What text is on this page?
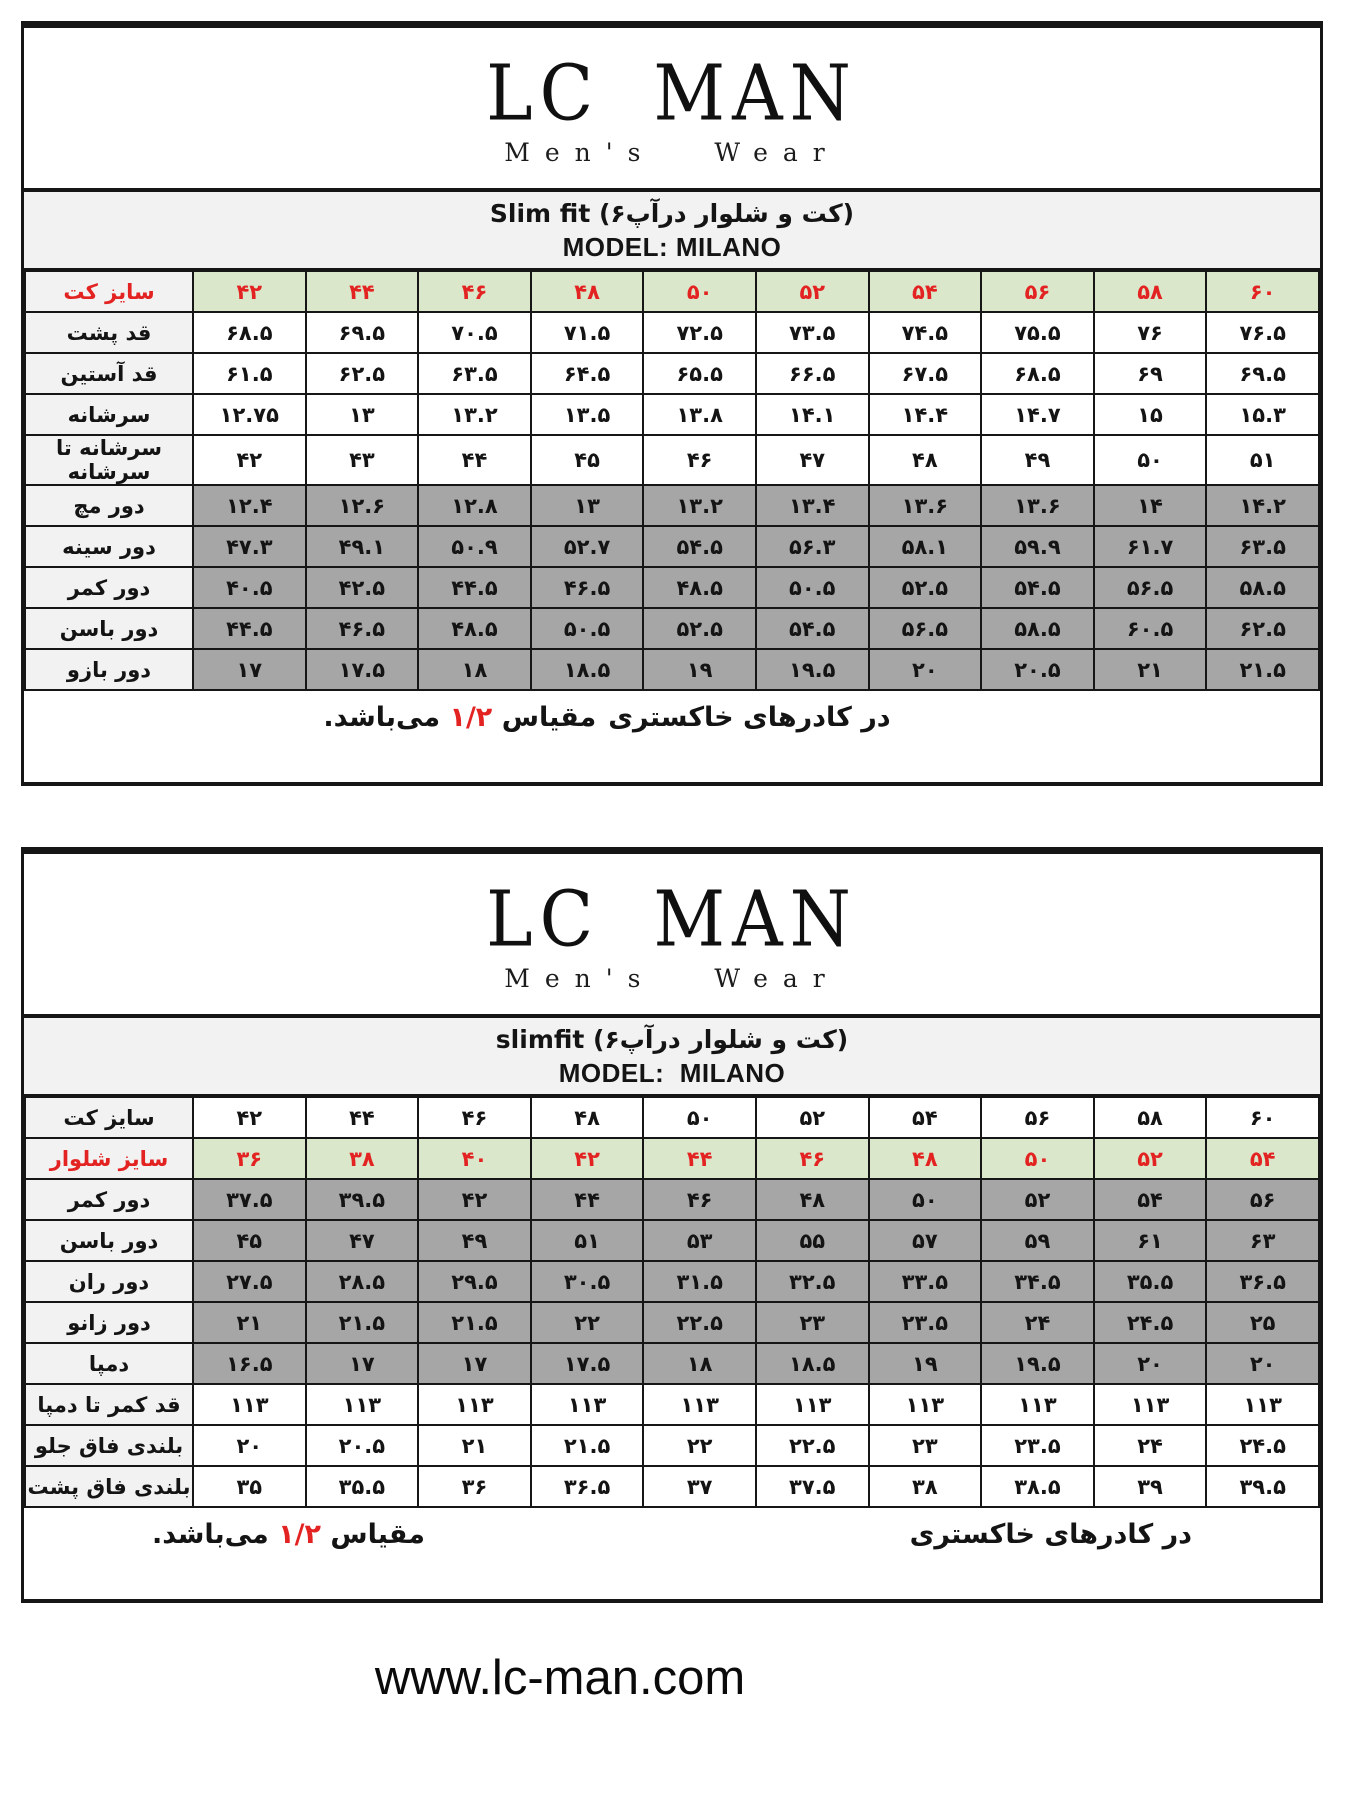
LC MAN
Men's Wear
Slim fit (کت و شلوار درآپ۶)
MODEL: MILANO
سایز کت	۴۲	۴۴	۴۶	۴۸	۵۰	۵۲	۵۴	۵۶	۵۸	۶۰
قد پشت	۶۸.۵	۶۹.۵	۷۰.۵	۷۱.۵	۷۲.۵	۷۳.۵	۷۴.۵	۷۵.۵	۷۶	۷۶.۵
قد آستین	۶۱.۵	۶۲.۵	۶۳.۵	۶۴.۵	۶۵.۵	۶۶.۵	۶۷.۵	۶۸.۵	۶۹	۶۹.۵
سرشانه	۱۲.۷۵	۱۳	۱۳.۲	۱۳.۵	۱۳.۸	۱۴.۱	۱۴.۴	۱۴.۷	۱۵	۱۵.۳
سرشانه تا سرشانه	۴۲	۴۳	۴۴	۴۵	۴۶	۴۷	۴۸	۴۹	۵۰	۵۱
دور مچ	۱۲.۴	۱۲.۶	۱۲.۸	۱۳	۱۳.۲	۱۳.۴	۱۳.۶	۱۳.۶	۱۴	۱۴.۲
دور سینه	۴۷.۳	۴۹.۱	۵۰.۹	۵۲.۷	۵۴.۵	۵۶.۳	۵۸.۱	۵۹.۹	۶۱.۷	۶۳.۵
دور کمر	۴۰.۵	۴۲.۵	۴۴.۵	۴۶.۵	۴۸.۵	۵۰.۵	۵۲.۵	۵۴.۵	۵۶.۵	۵۸.۵
دور باسن	۴۴.۵	۴۶.۵	۴۸.۵	۵۰.۵	۵۲.۵	۵۴.۵	۵۶.۵	۵۸.۵	۶۰.۵	۶۲.۵
دور بازو	۱۷	۱۷.۵	۱۸	۱۸.۵	۱۹	۱۹.۵	۲۰	۲۰.۵	۲۱	۲۱.۵
در کادرهای خاکستری
مقیاس ۱/۲ می‌باشد.
LC MAN
Men's Wear
slimfit (کت و شلوار درآپ۶)
MODEL:  MILANO
سایز کت	۴۲	۴۴	۴۶	۴۸	۵۰	۵۲	۵۴	۵۶	۵۸	۶۰
سایز شلوار	۳۶	۳۸	۴۰	۴۲	۴۴	۴۶	۴۸	۵۰	۵۲	۵۴
دور کمر	۳۷.۵	۳۹.۵	۴۲	۴۴	۴۶	۴۸	۵۰	۵۲	۵۴	۵۶
دور باسن	۴۵	۴۷	۴۹	۵۱	۵۳	۵۵	۵۷	۵۹	۶۱	۶۳
دور ران	۲۷.۵	۲۸.۵	۲۹.۵	۳۰.۵	۳۱.۵	۳۲.۵	۳۳.۵	۳۴.۵	۳۵.۵	۳۶.۵
دور زانو	۲۱	۲۱.۵	۲۱.۵	۲۲	۲۲.۵	۲۳	۲۳.۵	۲۴	۲۴.۵	۲۵
دمپا	۱۶.۵	۱۷	۱۷	۱۷.۵	۱۸	۱۸.۵	۱۹	۱۹.۵	۲۰	۲۰
قد کمر تا دمپا	۱۱۳	۱۱۳	۱۱۳	۱۱۳	۱۱۳	۱۱۳	۱۱۳	۱۱۳	۱۱۳	۱۱۳
بلندی فاق جلو	۲۰	۲۰.۵	۲۱	۲۱.۵	۲۲	۲۲.۵	۲۳	۲۳.۵	۲۴	۲۴.۵
بلندی فاق پشت	۳۵	۳۵.۵	۳۶	۳۶.۵	۳۷	۳۷.۵	۳۸	۳۸.۵	۳۹	۳۹.۵
در کادرهای خاکستری
مقیاس ۱/۲ می‌باشد.
www.lc-man.com
